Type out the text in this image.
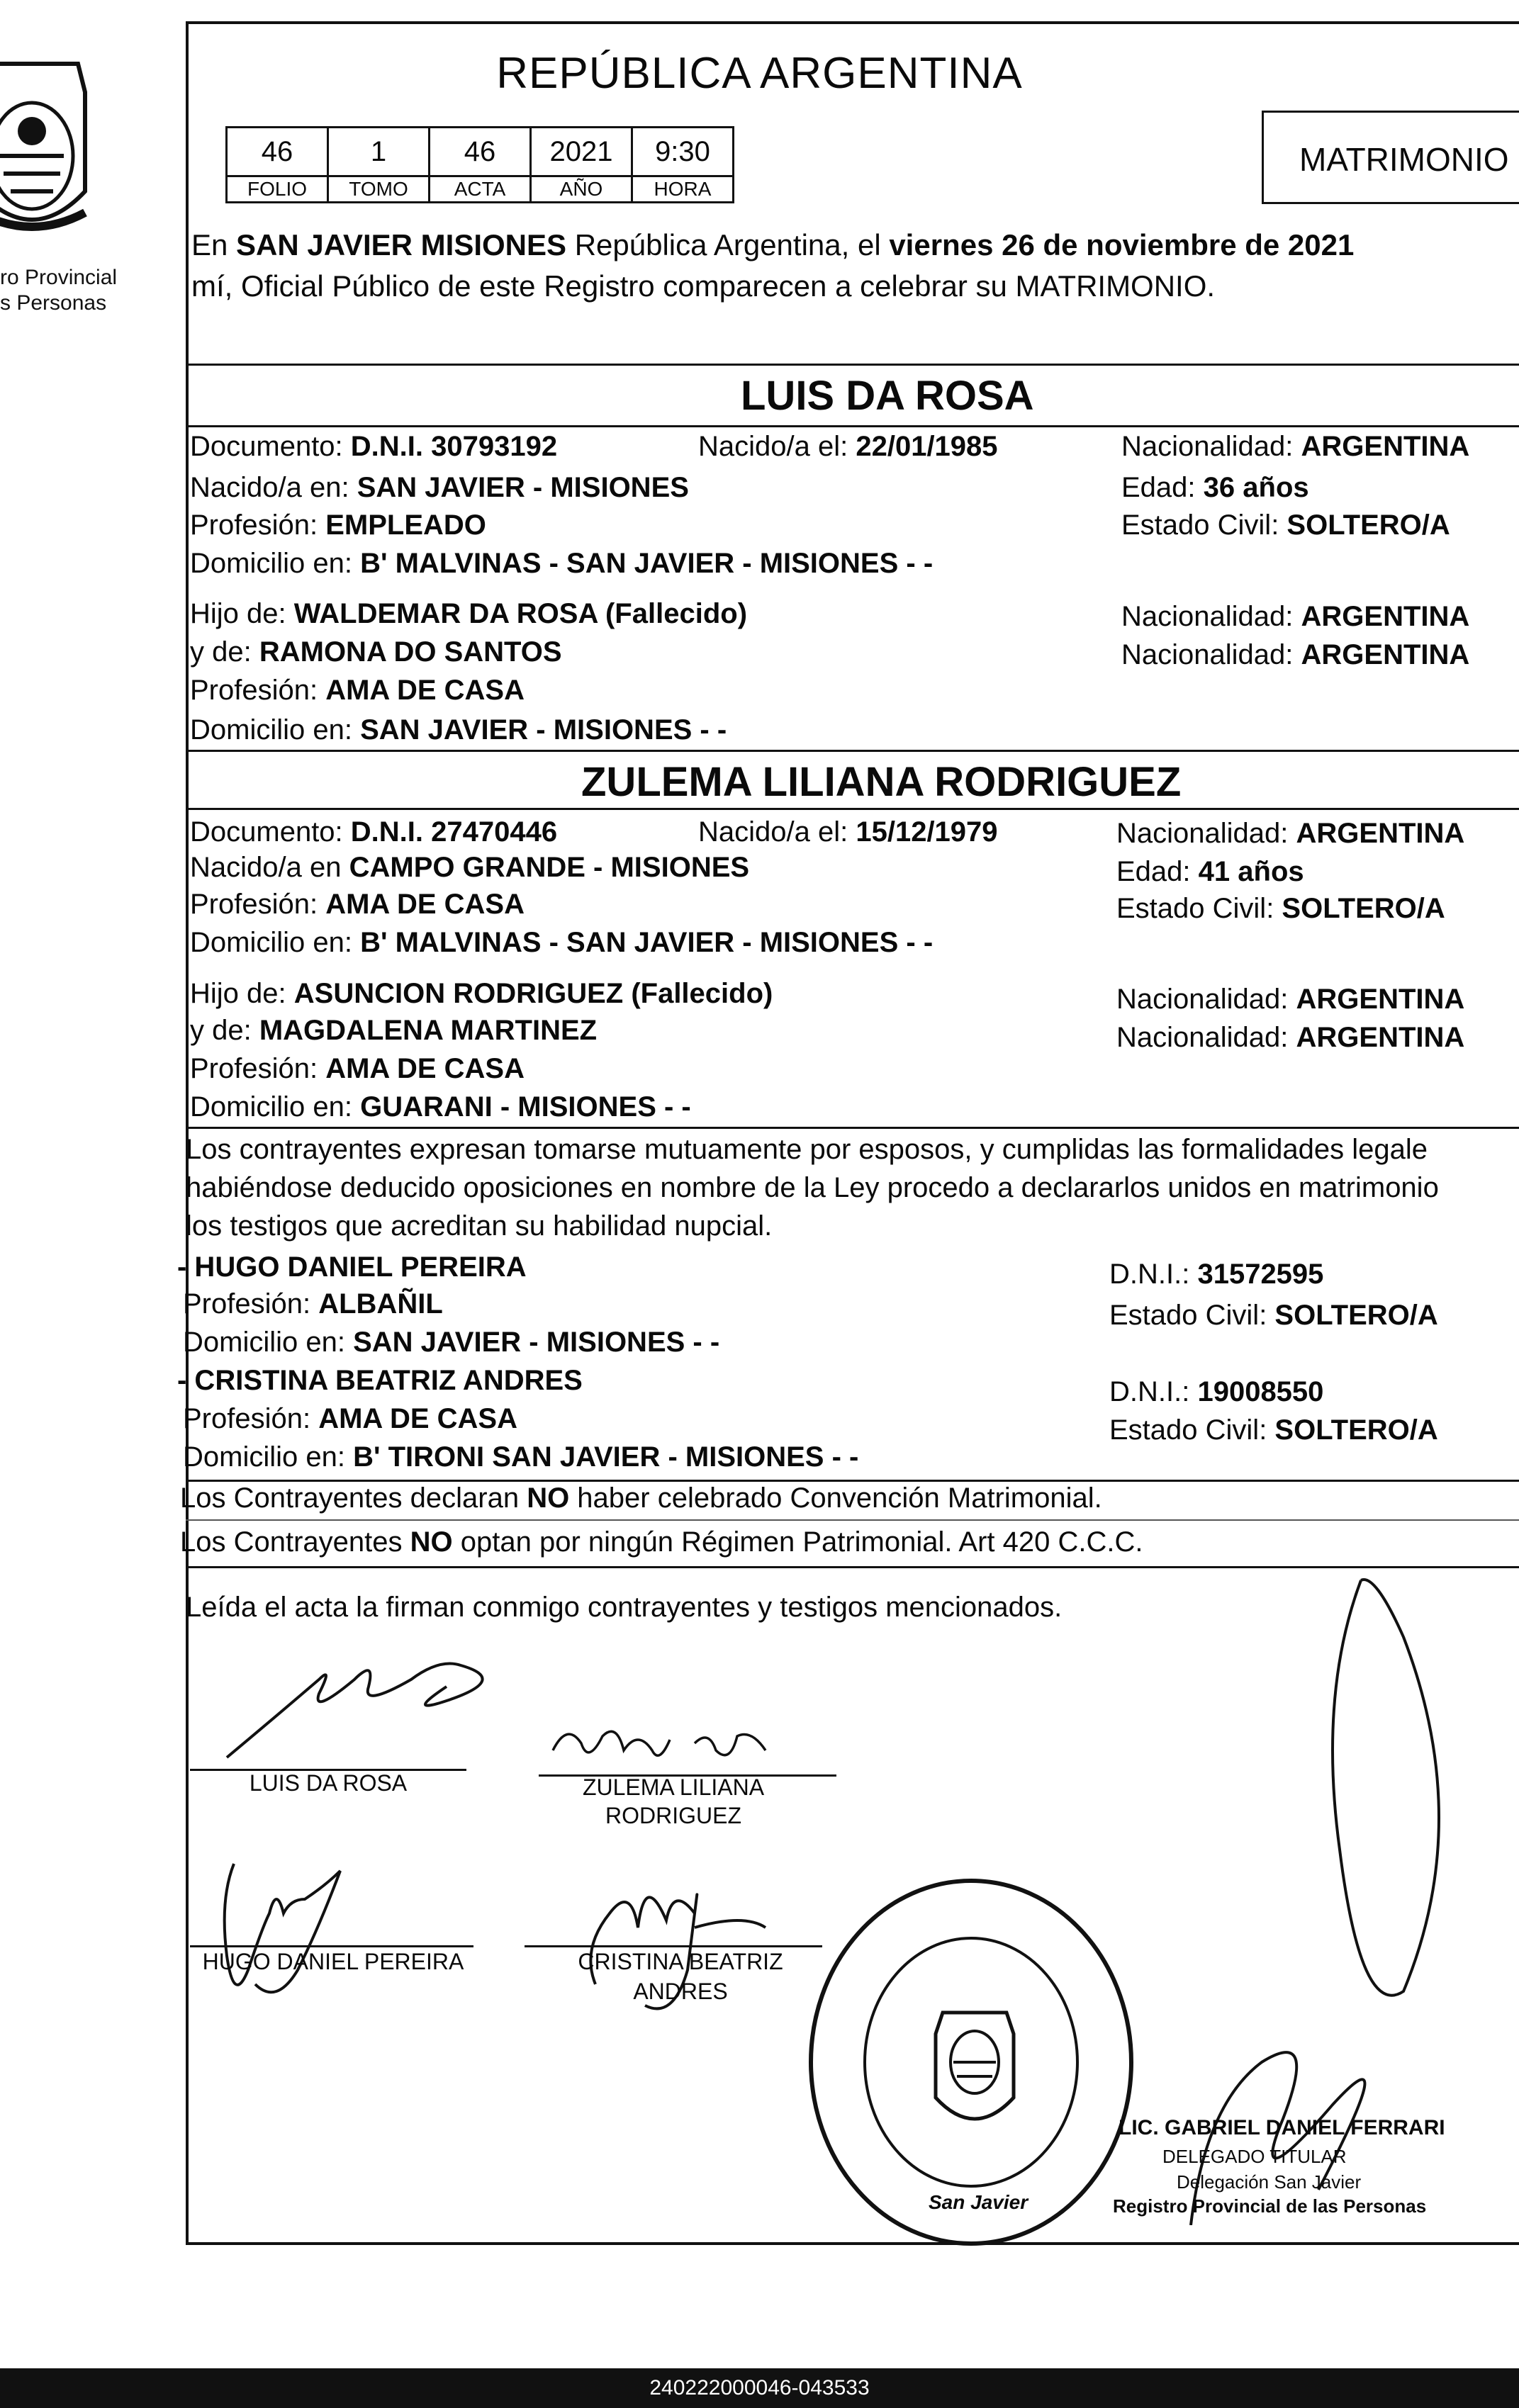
ro Provincial
s Personas
REPÚBLICA ARGENTINA
46	1	46	2021	9:30
FOLIO	TOMO	ACTA	AÑO	HORA
MATRIMONIO
En SAN JAVIER MISIONES República Argentina, el viernes 26 de noviembre de 2021
mí, Oficial Público de este Registro comparecen a celebrar su MATRIMONIO.
LUIS DA ROSA
Documento: D.N.I. 30793192	Nacido/a el: 22/01/1985	Nacionalidad: ARGENTINA
Nacido/a en: SAN JAVIER - MISIONES	Edad: 36 años
Profesión: EMPLEADO	Estado Civil: SOLTERO/A
Domicilio en: B' MALVINAS - SAN JAVIER - MISIONES - -
Hijo de: WALDEMAR DA ROSA (Fallecido)	Nacionalidad: ARGENTINA
y de: RAMONA DO SANTOS	Nacionalidad: ARGENTINA
Profesión: AMA DE CASA
Domicilio en: SAN JAVIER - MISIONES - -
ZULEMA LILIANA RODRIGUEZ
Documento: D.N.I. 27470446	Nacido/a el: 15/12/1979	Nacionalidad: ARGENTINA
Nacido/a en CAMPO GRANDE - MISIONES	Edad: 41 años
Profesión: AMA DE CASA	Estado Civil: SOLTERO/A
Domicilio en: B' MALVINAS - SAN JAVIER - MISIONES - -
Hijo de: ASUNCION RODRIGUEZ (Fallecido)	Nacionalidad: ARGENTINA
y de: MAGDALENA MARTINEZ	Nacionalidad: ARGENTINA
Profesión: AMA DE CASA
Domicilio en: GUARANI - MISIONES - -
Los contrayentes expresan tomarse mutuamente por esposos, y cumplidas las formalidades legale
habiéndose deducido oposiciones en nombre de la Ley procedo a declararlos unidos en matrimonio
los testigos que acreditan su habilidad nupcial.
- HUGO DANIEL PEREIRA	D.N.I.: 31572595
Profesión: ALBAÑIL	Estado Civil: SOLTERO/A
Domicilio en: SAN JAVIER - MISIONES - -
- CRISTINA BEATRIZ ANDRES	D.N.I.: 19008550
Profesión: AMA DE CASA	Estado Civil: SOLTERO/A
Domicilio en: B' TIRONI SAN JAVIER - MISIONES - -
Los Contrayentes declaran NO haber celebrado Convención Matrimonial.
Los Contrayentes NO optan por ningún Régimen Patrimonial. Art 420 C.C.C.
Leída el acta la firman conmigo contrayentes y testigos mencionados.
LUIS DA ROSA	ZULEMA LILIANA
RODRIGUEZ
HUGO DANIEL PEREIRA	CRISTINA BEATRIZ
ANDRES
San Javier
LIC. GABRIEL DANIEL FERRARI
DELEGADO TITULAR
Delegación San Javier
Registro Provincial de las Personas
240222000046-043533
